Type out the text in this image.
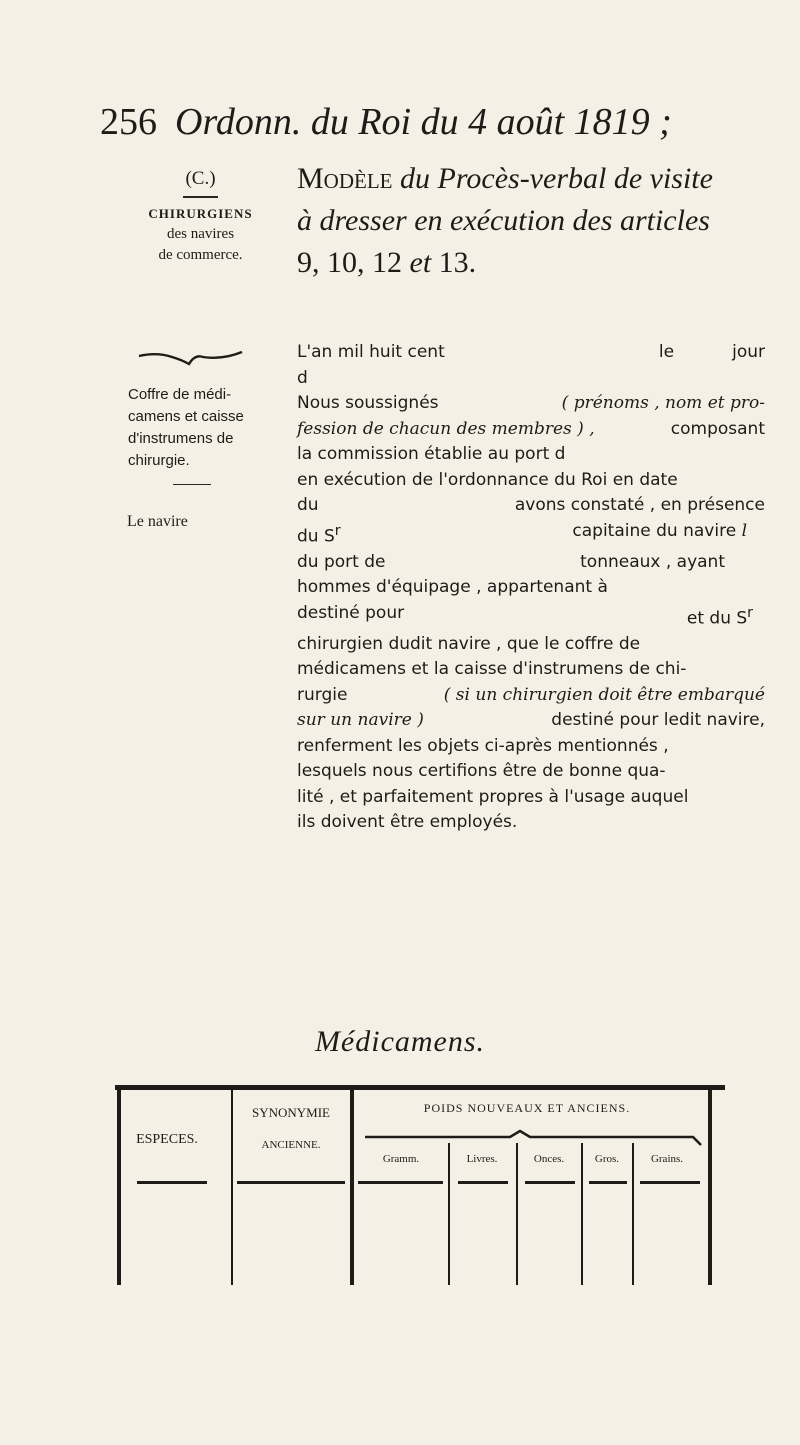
256 Ordonn. du Roi du 4 août 1819 ;
(C.)
CHIRURGIENS
des navires
de commerce.
Coffre de médi-
camens et caisse
d'instrumens de
chirurgie.
Le navire
Modèle du Procès-verbal de visite
à dresser en exécution des articles
9, 10, 12 et 13.
L'an mil huit cent	le	jour
d
Nous soussignés	( prénoms , nom et pro-
fession de chacun des membres ) ,	composant
la commission établie au port d
en exécution de l'ordonnance du Roi en date
du	avons constaté , en présence
du $S^r$	capitaine du navire l
du port de	tonneaux , ayant
hommes d'équipage , appartenant à
destiné pour	et du $S^r$
chirurgien dudit navire , que le coffre de
médicamens et la caisse d'instrumens de chi-
rurgie	( si un chirurgien doit être embarqué
sur un navire )	destiné pour ledit navire,
renferment les objets ci-après mentionnés ,
lesquels nous certifions être de bonne qua-
lité , et parfaitement propres à l'usage auquel
ils doivent être employés.
Médicamens.
ESPECES.
SYNONYMIE
ANCIENNE.
POIDS NOUVEAUX ET ANCIENS.
Gramm.	Livres.	Onces.	Gros.	Grains.
